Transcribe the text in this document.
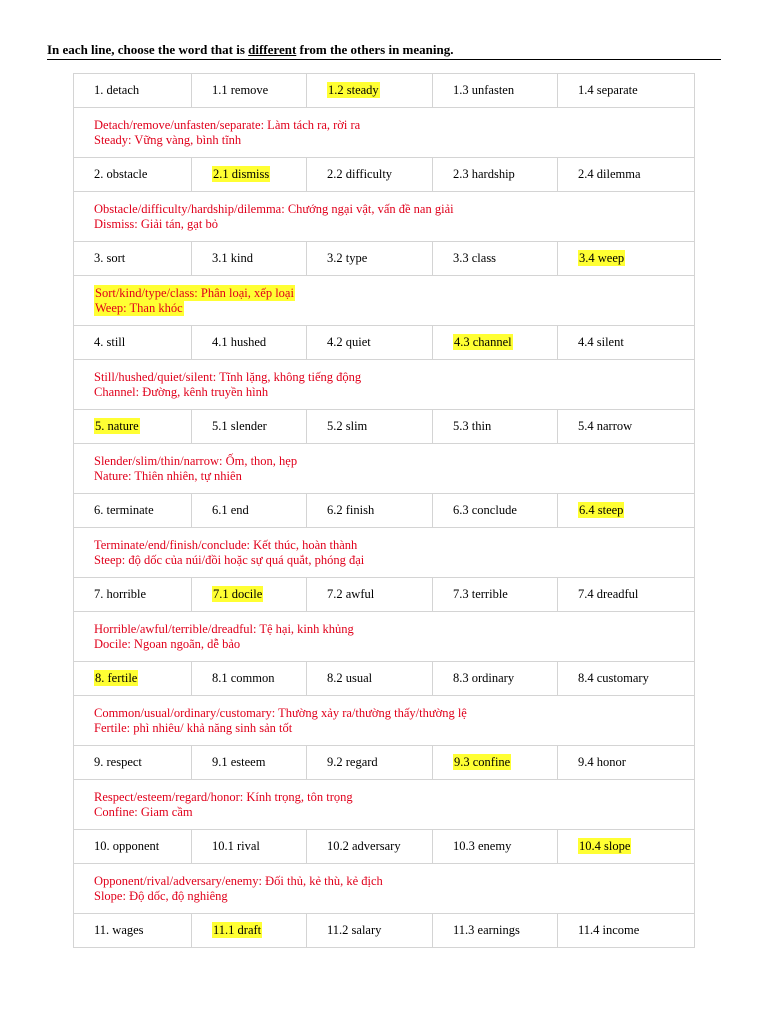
In each line, choose the word that is different from the others in meaning.
1. detach	1.1 remove	1.2 steady	1.3 unfasten	1.4 separate

Detach/remove/unfasten/separate: Làm tách ra, rời ra
Steady: Vững vàng, bình tĩnh				

2. obstacle	2.1 dismiss	2.2 difficulty	2.3 hardship	2.4 dilemma

Obstacle/difficulty/hardship/dilemma: Chướng ngại vật, vấn đề nan giải
Dismiss: Giải tán, gạt bỏ				

3. sort	3.1 kind	3.2 type	3.3 class	3.4 weep

Sort/kind/type/class: Phân loại, xếp loại
Weep: Than khóc				

4. still	4.1 hushed	4.2 quiet	4.3 channel	4.4 silent

Still/hushed/quiet/silent: Tĩnh lặng, không tiếng động
Channel: Đường, kênh truyền hình				

5. nature	5.1 slender	5.2 slim	5.3 thin	5.4 narrow

Slender/slim/thin/narrow: Ốm, thon, hẹp
Nature: Thiên nhiên, tự nhiên				

6. terminate	6.1 end	6.2 finish	6.3 conclude	6.4 steep

Terminate/end/finish/conclude: Kết thúc, hoàn thành
Steep: độ dốc của núi/đồi hoặc sự quá quắt, phóng đại				

7. horrible	7.1 docile	7.2 awful	7.3 terrible	7.4 dreadful

Horrible/awful/terrible/dreadful: Tệ hại, kinh khủng
Docile: Ngoan ngoãn, dễ bảo				

8. fertile	8.1 common	8.2 usual	8.3 ordinary	8.4 customary

Common/usual/ordinary/customary: Thường xảy ra/thường thấy/thường lệ
Fertile: phì nhiêu/ khả năng sinh sản tốt				

9. respect	9.1 esteem	9.2 regard	9.3 confine	9.4 honor

Respect/esteem/regard/honor: Kính trọng, tôn trọng
Confine: Giam cầm				

10. opponent	10.1 rival	10.2 adversary	10.3 enemy	10.4 slope

Opponent/rival/adversary/enemy: Đối thủ, kẻ thù, kẻ địch
Slope: Độ dốc, độ nghiêng				

11. wages	11.1 draft	11.2 salary	11.3 earnings	11.4 income
